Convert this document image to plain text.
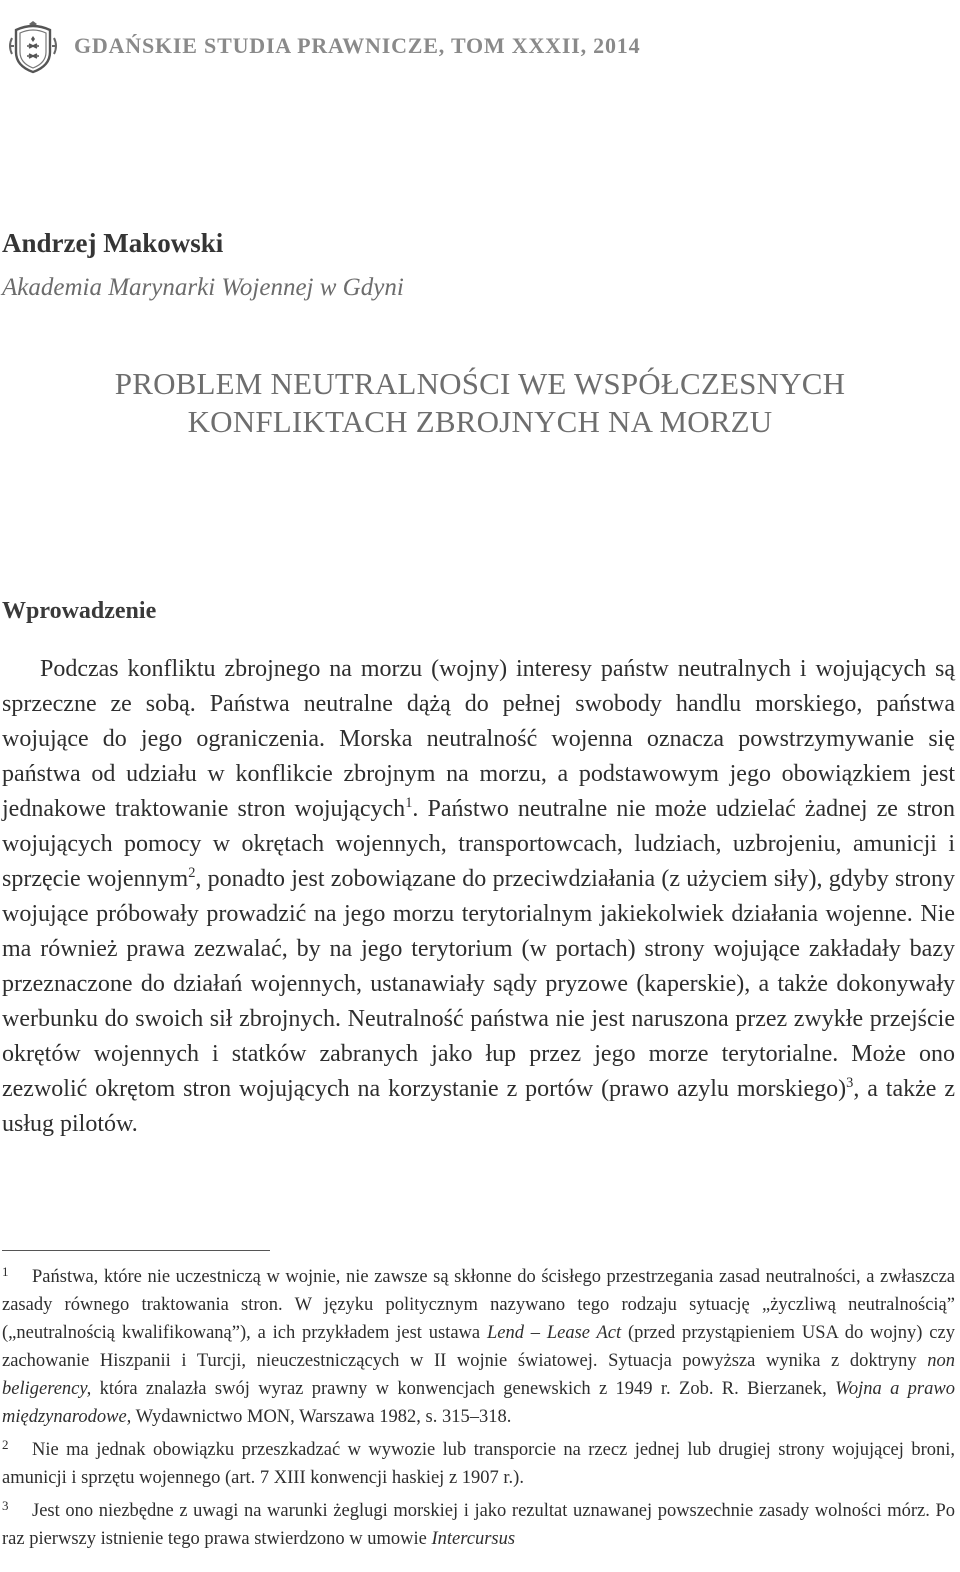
GDAŃSKIE STUDIA PRAWNICZE, TOM XXXII, 2014
Andrzej Makowski
Akademia Marynarki Wojennej w Gdyni
PROBLEM NEUTRALNOŚCI WE WSPÓŁCZESNYCH
KONFLIKTACH ZBROJNYCH NA MORZU
Wprowadzenie

Podczas konfliktu zbrojnego na morzu (wojny) interesy państw neutralnych i wojujących są sprzeczne ze sobą. Państwa neutralne dążą do pełnej swobody handlu morskiego, państwa wojujące do jego ograniczenia. Morska neutralność wojenna oznacza powstrzymywanie się państwa od udziału w konflikcie zbrojnym na morzu, a podstawowym jego obowiązkiem jest jednakowe traktowanie stron wojujących$^1$. Państwo neutralne nie może udzielać żadnej ze stron wojujących pomocy w okrętach wojennych, transportowcach, ludziach, uzbrojeniu, amunicji i sprzęcie wojennym$^2$, ponadto jest zobowiązane do przeciwdziałania (z użyciem siły), gdyby strony wojujące próbowały prowadzić na jego morzu terytorialnym jakiekolwiek działania wojenne. Nie ma również prawa zezwalać, by na jego terytorium (w portach) strony wojujące zakładały bazy przeznaczone do działań wojennych, ustanawiały sądy pryzowe (kaperskie), a także dokonywały werbunku do swoich sił zbrojnych. Neutralność państwa nie jest naruszona przez zwykłe przejście okrętów wojennych i statków zabranych jako łup przez jego morze terytorialne. Może ono zezwolić okrętom stron wojujących na korzystanie z portów (prawo azylu morskiego)$^3$, a także z usług pilotów.

1 Państwa, które nie uczestniczą w wojnie, nie zawsze są skłonne do ścisłego przestrzegania zasad neutralności, a zwłaszcza zasady równego traktowania stron. W języku politycznym nazywano tego rodzaju sytuację „życzliwą neutralnością” („neutralnością kwalifikowaną”), a ich przykładem jest ustawa Lend – Lease Act (przed przystąpieniem USA do wojny) czy zachowanie Hiszpanii i Turcji, nieuczestniczących w II wojnie światowej. Sytuacja powyższa wynika z doktryny non beligerency, która znalazła swój wyraz prawny w konwencjach genewskich z 1949 r. Zob. R. Bierzanek, Wojna a prawo międzynarodowe, Wydawnictwo MON, Warszawa 1982, s. 315–318.

2 Nie ma jednak obowiązku przeszkadzać w wywozie lub transporcie na rzecz jednej lub drugiej strony wojującej broni, amunicji i sprzętu wojennego (art. 7 XIII konwencji haskiej z 1907 r.).

3 Jest ono niezbędne z uwagi na warunki żeglugi morskiej i jako rezultat uznawanej powszechnie zasady wolności mórz. Po raz pierwszy istnienie tego prawa stwierdzono w umowie Intercursus
